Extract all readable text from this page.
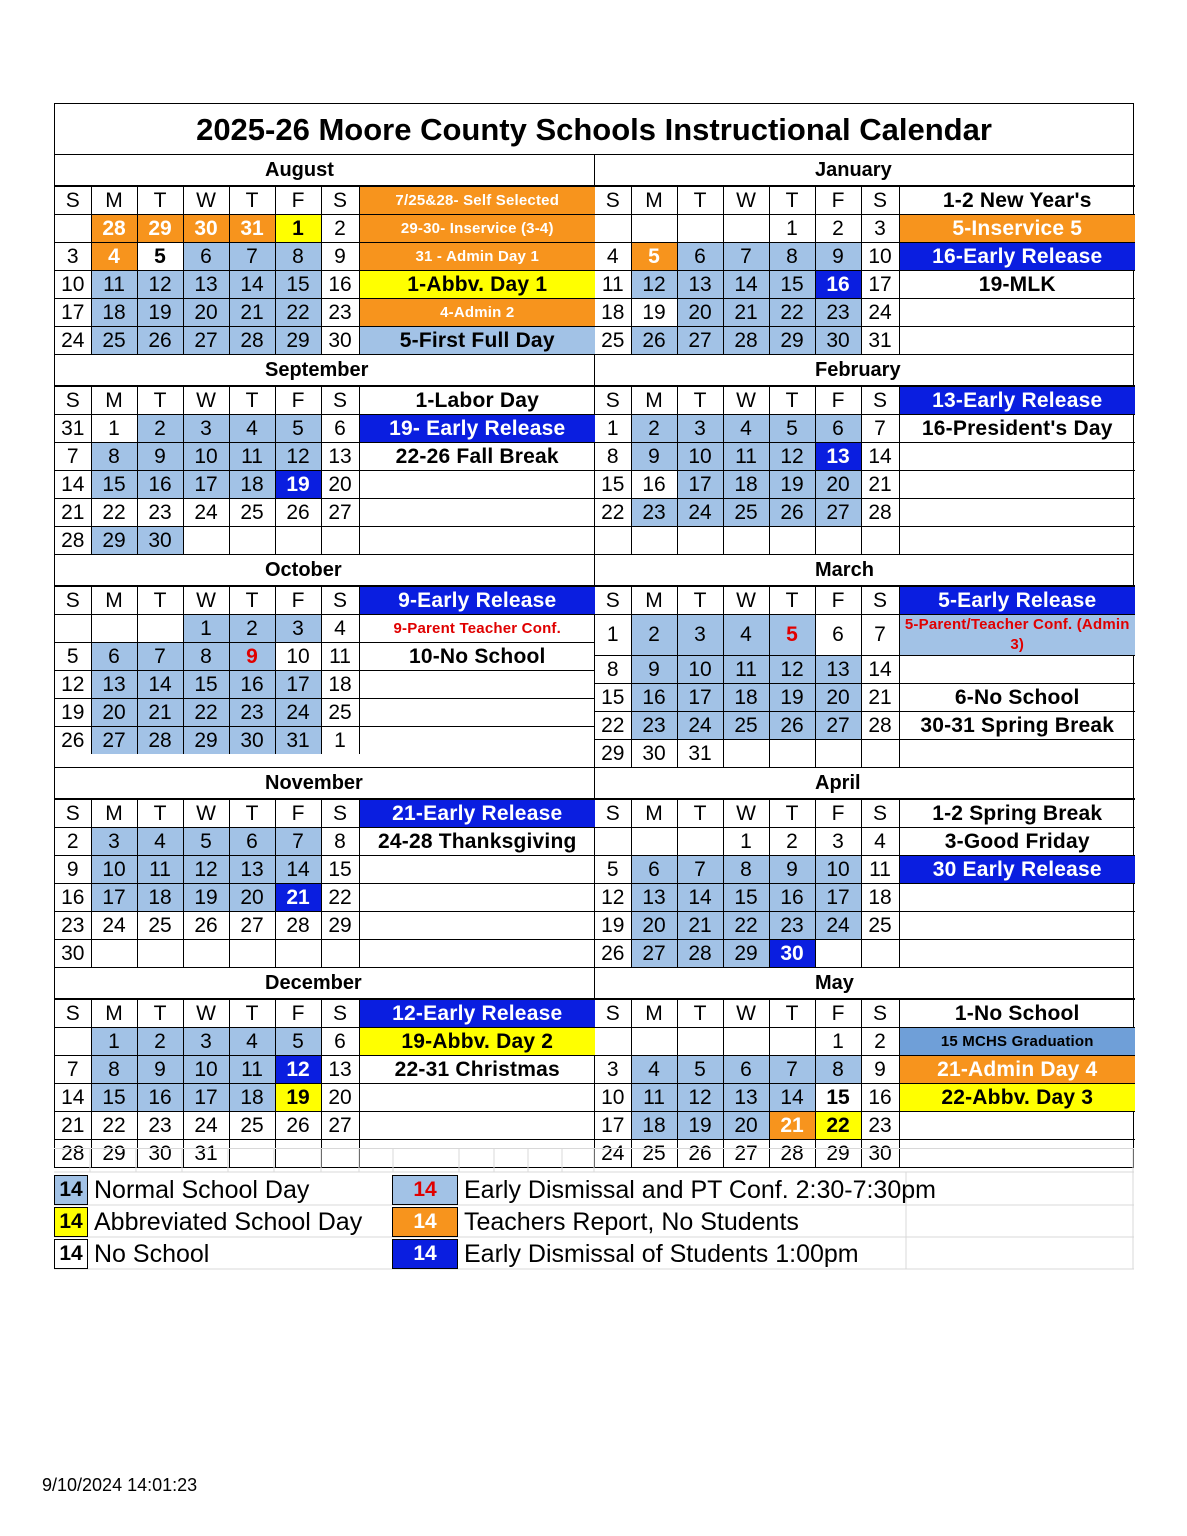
2025-26 Moore County Schools Instructional Calendar
August
S	M	T	W	T	F	S	7/25&28- Self Selected
	28	29	30	31	1	2	29-30- Inservice (3-4)
3	4	5	6	7	8	9	31 - Admin Day 1
10	11	12	13	14	15	16	1-Abbv. Day 1
17	18	19	20	21	22	23	4-Admin 2
24	25	26	27	28	29	30	5-First Full Day
January
S	M	T	W	T	F	S	1-2 New Year's
				1	2	3	5-Inservice 5
4	5	6	7	8	9	10	16-Early Release
11	12	13	14	15	16	17	19-MLK
18	19	20	21	22	23	24	
25	26	27	28	29	30	31	
September
S	M	T	W	T	F	S	1-Labor Day
31	1	2	3	4	5	6	19- Early Release
7	8	9	10	11	12	13	22-26 Fall Break
14	15	16	17	18	19	20	
21	22	23	24	25	26	27	
28	29	30					
February
S	M	T	W	T	F	S	13-Early Release
1	2	3	4	5	6	7	16-President's Day
8	9	10	11	12	13	14	
15	16	17	18	19	20	21	
22	23	24	25	26	27	28	

October
S	M	T	W	T	F	S	9-Early Release
			1	2	3	4	9-Parent Teacher Conf.
5	6	7	8	9	10	11	10-No School
12	13	14	15	16	17	18	
19	20	21	22	23	24	25	
26	27	28	29	30	31	1	
March
S	M	T	W	T	F	S	5-Early Release
1	2	3	4	5	6	7	5-Parent/Teacher Conf. (Admin 3)
8	9	10	11	12	13	14	
15	16	17	18	19	20	21	6-No School
22	23	24	25	26	27	28	30-31 Spring Break
29	30	31					
November
S	M	T	W	T	F	S	21-Early Release
2	3	4	5	6	7	8	24-28 Thanksgiving
9	10	11	12	13	14	15	
16	17	18	19	20	21	22	
23	24	25	26	27	28	29	
30							
April
S	M	T	W	T	F	S	1-2 Spring Break
			1	2	3	4	3-Good Friday
5	6	7	8	9	10	11	30 Early Release
12	13	14	15	16	17	18	
19	20	21	22	23	24	25	
26	27	28	29	30			
December
S	M	T	W	T	F	S	12-Early Release
	1	2	3	4	5	6	19-Abbv. Day 2
7	8	9	10	11	12	13	22-31 Christmas
14	15	16	17	18	19	20	
21	22	23	24	25	26	27	
28	29	30	31				
May
S	M	T	W	T	F	S	1-No School
					1	2	15 MCHS Graduation
3	4	5	6	7	8	9	21-Admin Day 4
10	11	12	13	14	15	16	22-Abbv. Day 3
17	18	19	20	21	22	23	
24	25	26	27	28	29	30	
14 Normal School Day
14 Abbreviated School Day
14 No School
14	Early Dismissal and PT Conf. 2:30-7:30pm
14	Teachers Report, No Students
14	Early Dismissal of Students 1:00pm
9/10/2024 14:01:23
